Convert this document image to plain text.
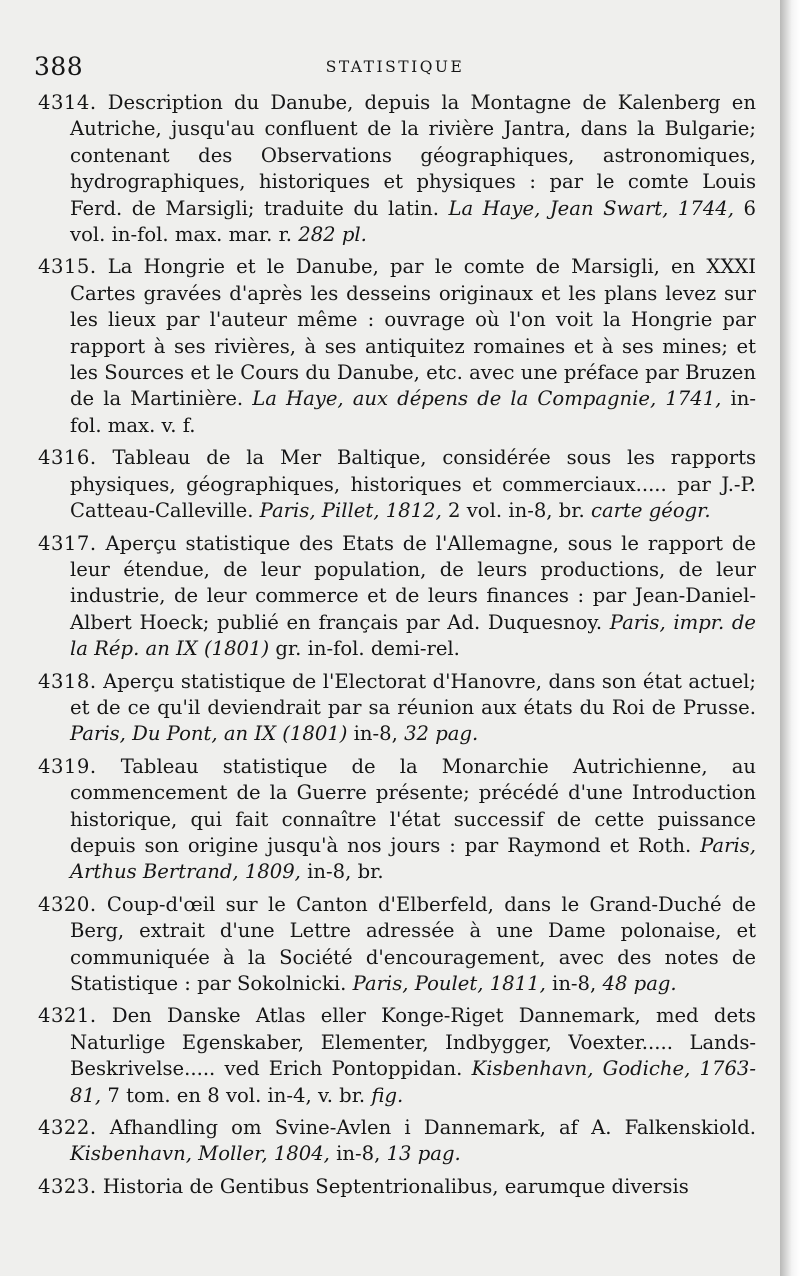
388	STATISTIQUE

4314. Description du Danube, depuis la Montagne de Kalenberg en Autriche, jusqu'au confluent de la rivière Jantra, dans la Bulgarie; contenant des Observations géographiques, astronomiques, hydrographiques, historiques et physiques : par le comte Louis Ferd. de Marsigli; traduite du latin. La Haye, Jean Swart, 1744, 6 vol. in-fol. max. mar. r. 282 pl.

4315. La Hongrie et le Danube, par le comte de Marsigli, en XXXI Cartes gravées d'après les desseins originaux et les plans levez sur les lieux par l'auteur même : ouvrage où l'on voit la Hongrie par rapport à ses rivières, à ses antiquitez romaines et à ses mines; et les Sources et le Cours du Danube, etc. avec une préface par Bruzen de la Martinière. La Haye, aux dépens de la Compagnie, 1741, in-fol. max. v. f.

4316. Tableau de la Mer Baltique, considérée sous les rapports physiques, géographiques, historiques et commerciaux..... par J.-P. Catteau-Calleville. Paris, Pillet, 1812, 2 vol. in-8, br. carte géogr.

4317. Aperçu statistique des Etats de l'Allemagne, sous le rapport de leur étendue, de leur population, de leurs productions, de leur industrie, de leur commerce et de leurs finances : par Jean-Daniel-Albert Hoeck; publié en français par Ad. Duquesnoy. Paris, impr. de la Rép. an IX (1801) gr. in-fol. demi-rel.

4318. Aperçu statistique de l'Electorat d'Hanovre, dans son état actuel; et de ce qu'il deviendrait par sa réunion aux états du Roi de Prusse. Paris, Du Pont, an IX (1801) in-8, 32 pag.

4319. Tableau statistique de la Monarchie Autrichienne, au commencement de la Guerre présente; précédé d'une Introduction historique, qui fait connaître l'état successif de cette puissance depuis son origine jusqu'à nos jours : par Raymond et Roth. Paris, Arthus Bertrand, 1809, in-8, br.

4320. Coup-d'œil sur le Canton d'Elberfeld, dans le Grand-Duché de Berg, extrait d'une Lettre adressée à une Dame polonaise, et communiquée à la Société d'encouragement, avec des notes de Statistique : par Sokolnicki. Paris, Poulet, 1811, in-8, 48 pag.

4321. Den Danske Atlas eller Konge-Riget Dannemark, med dets Naturlige Egenskaber, Elementer, Indbygger, Voexter..... Lands-Beskrivelse..... ved Erich Pontoppidan. Kisbenhavn, Godiche, 1763-81, 7 tom. en 8 vol. in-4, v. br. fig.

4322. Afhandling om Svine-Avlen i Dannemark, af A. Falkenskiold. Kisbenhavn, Moller, 1804, in-8, 13 pag.

4323. Historia de Gentibus Septentrionalibus, earumque diversis
